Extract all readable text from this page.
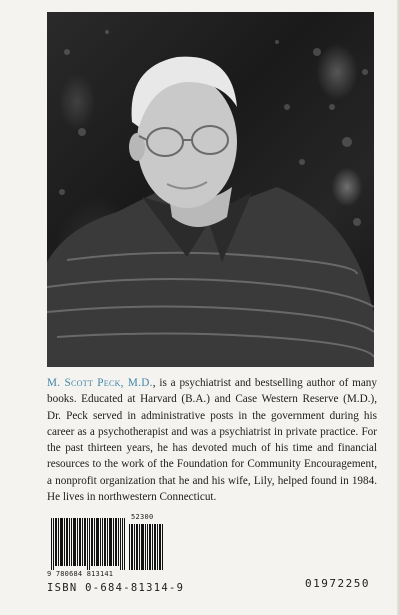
M. Scott Peck, M.D., is a psychiatrist and bestselling author of many books. Educated at Harvard (B.A.) and Case Western Reserve (M.D.), Dr. Peck served in administrative posts in the government during his career as a psychotherapist and was a psychiatrist in private practice. For the past thirteen years, he has devoted much of his time and financial resources to the work of the Foundation for Community Encouragement, a nonprofit organization that he and his wife, Lily, helped found in 1984. He lives in northwestern Connecticut.

52300
9 780684 813141
ISBN 0-684-81314-9	01972250
